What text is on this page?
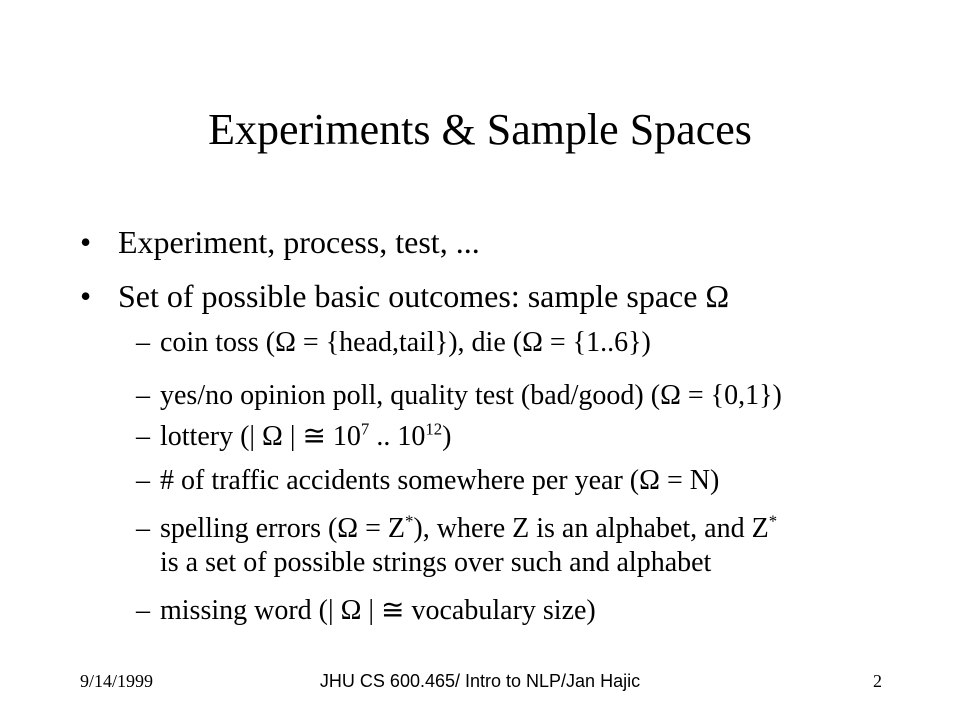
Experiments & Sample Spaces
• Experiment, process, test, ...
• Set of possible basic outcomes: sample space Ω
– coin toss (Ω = {head,tail}), die (Ω = {1..6})
– yes/no opinion poll, quality test (bad/good) (Ω = {0,1})
– lottery (| Ω | ≅ $10^7$ .. $10^{12}$)
– # of traffic accidents somewhere per year (Ω = N)
– spelling errors (Ω = Z*), where Z is an alphabet, and Z*
is a set of possible strings over such and alphabet
– missing word (| Ω | ≅ vocabulary size)
9/14/1999	JHU CS 600.465/ Intro to NLP/Jan Hajic	2
